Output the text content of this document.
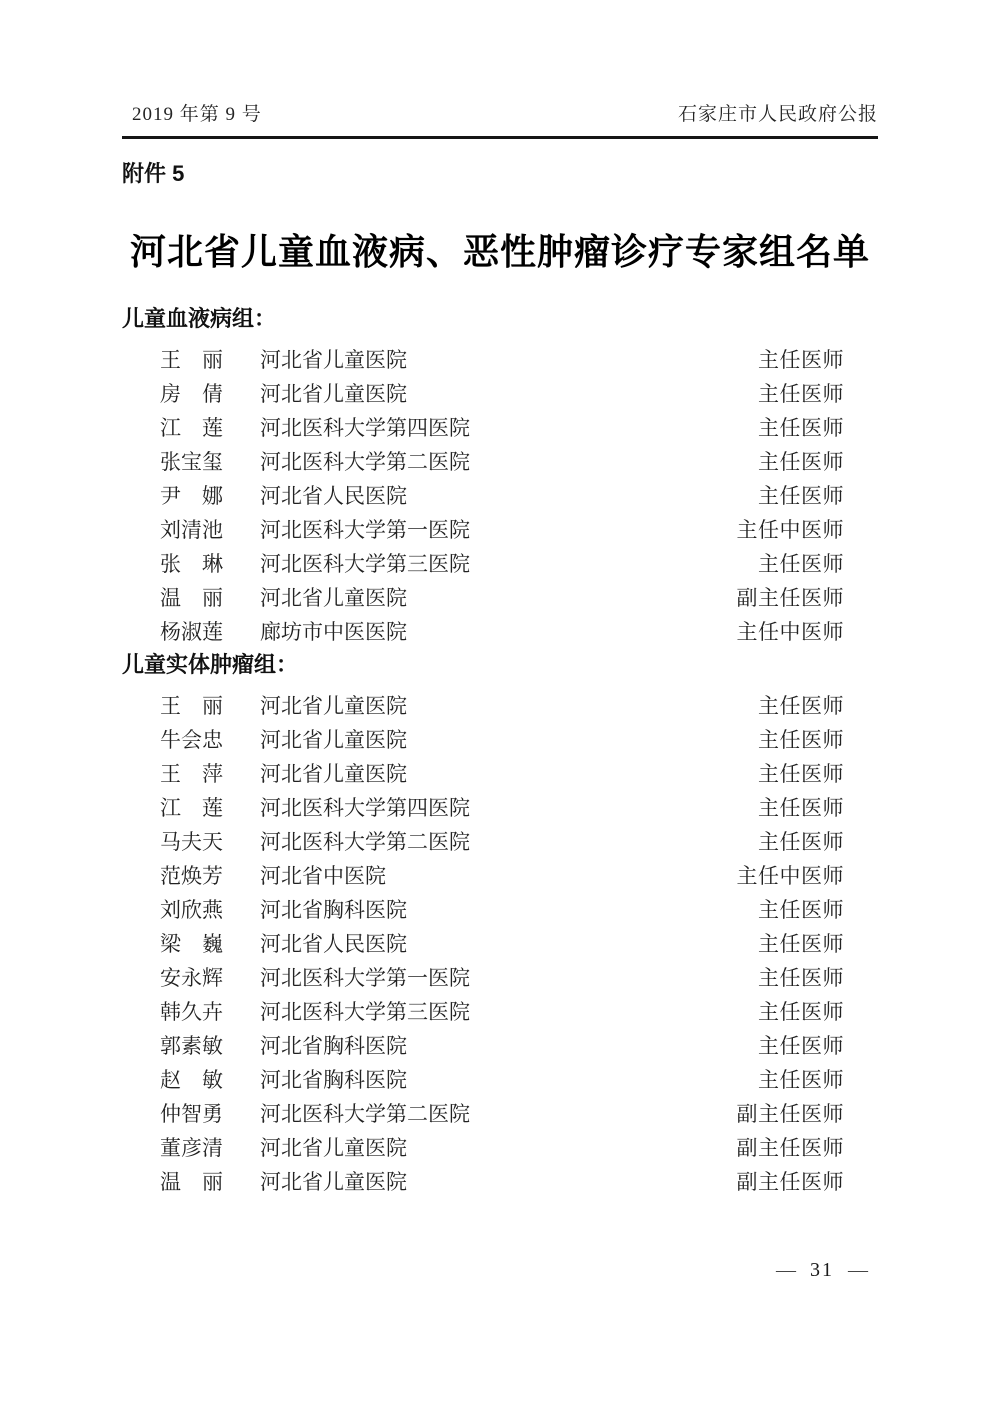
2019 年第 9 号	石家庄市人民政府公报
附件 5
河北省儿童血液病、恶性肿瘤诊疗专家组名单
儿童血液病组：
王　丽 河北省儿童医院	主任医师
房　倩 河北省儿童医院	主任医师
江　莲 河北医科大学第四医院	主任医师
张宝玺 河北医科大学第二医院	主任医师
尹　娜 河北省人民医院	主任医师
刘清池 河北医科大学第一医院	主任中医师
张　琳 河北医科大学第三医院	主任医师
温　丽 河北省儿童医院	副主任医师
杨淑莲 廊坊市中医医院	主任中医师
儿童实体肿瘤组：
王　丽 河北省儿童医院	主任医师
牛会忠 河北省儿童医院	主任医师
王　萍 河北省儿童医院	主任医师
江　莲 河北医科大学第四医院	主任医师
马夫天 河北医科大学第二医院	主任医师
范焕芳 河北省中医院	主任中医师
刘欣燕 河北省胸科医院	主任医师
梁　巍 河北省人民医院	主任医师
安永辉 河北医科大学第一医院	主任医师
韩久卉 河北医科大学第三医院	主任医师
郭素敏 河北省胸科医院	主任医师
赵　敏 河北省胸科医院	主任医师
仲智勇 河北医科大学第二医院	副主任医师
董彦清 河北省儿童医院	副主任医师
温　丽 河北省儿童医院	副主任医师
— 31 —
